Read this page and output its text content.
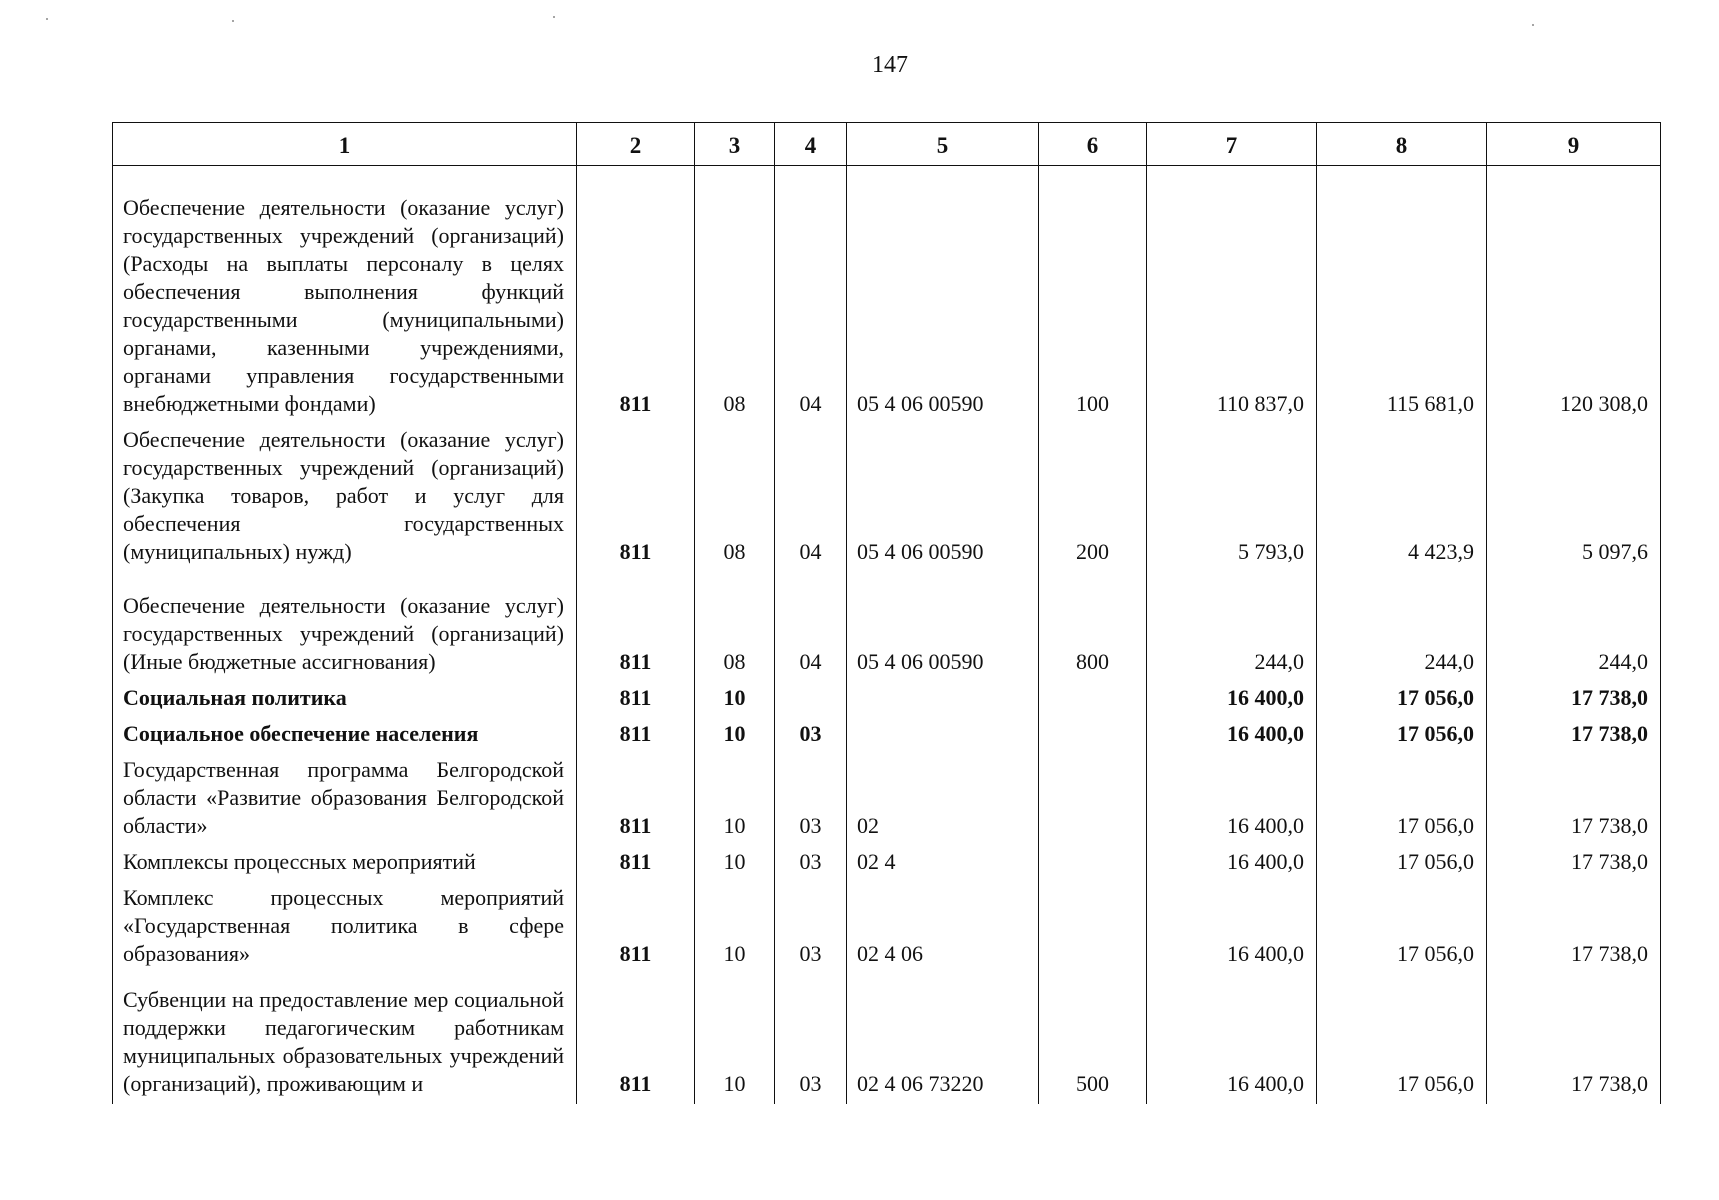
147
1	2	3	4	5	6	7	8	9
Обеспечение деятельности (оказание услуг) государственных учреждений (организаций) (Расходы на выплаты персоналу в целях обеспечения выполнения функций государственными (муниципальными) органами, казенными учреждениями, органами управления государственными внебюджетными фондами)	811	08	04	05 4 06 00590	100	110 837,0	115 681,0	120 308,0
Обеспечение деятельности (оказание услуг) государственных учреждений (организаций) (Закупка товаров, работ и услуг для обеспечения государственных (муниципальных) нужд)	811	08	04	05 4 06 00590	200	5 793,0	4 423,9	5 097,6
Обеспечение деятельности (оказание услуг) государственных учреждений (организаций) (Иные бюджетные ассигнования)	811	08	04	05 4 06 00590	800	244,0	244,0	244,0
Социальная политика	811	10				16 400,0	17 056,0	17 738,0
Социальное обеспечение населения	811	10	03			16 400,0	17 056,0	17 738,0
Государственная программа Белгородской области «Развитие образования Белгородской области»	811	10	03	02		16 400,0	17 056,0	17 738,0
Комплексы процессных мероприятий	811	10	03	02 4		16 400,0	17 056,0	17 738,0
Комплекс процессных мероприятий «Государственная политика в сфере образования»	811	10	03	02 4 06		16 400,0	17 056,0	17 738,0
Субвенции на предоставление мер социальной поддержки педагогическим работникам муниципальных образовательных учреждений (организаций), проживающим и	811	10	03	02 4 06 73220	500	16 400,0	17 056,0	17 738,0
